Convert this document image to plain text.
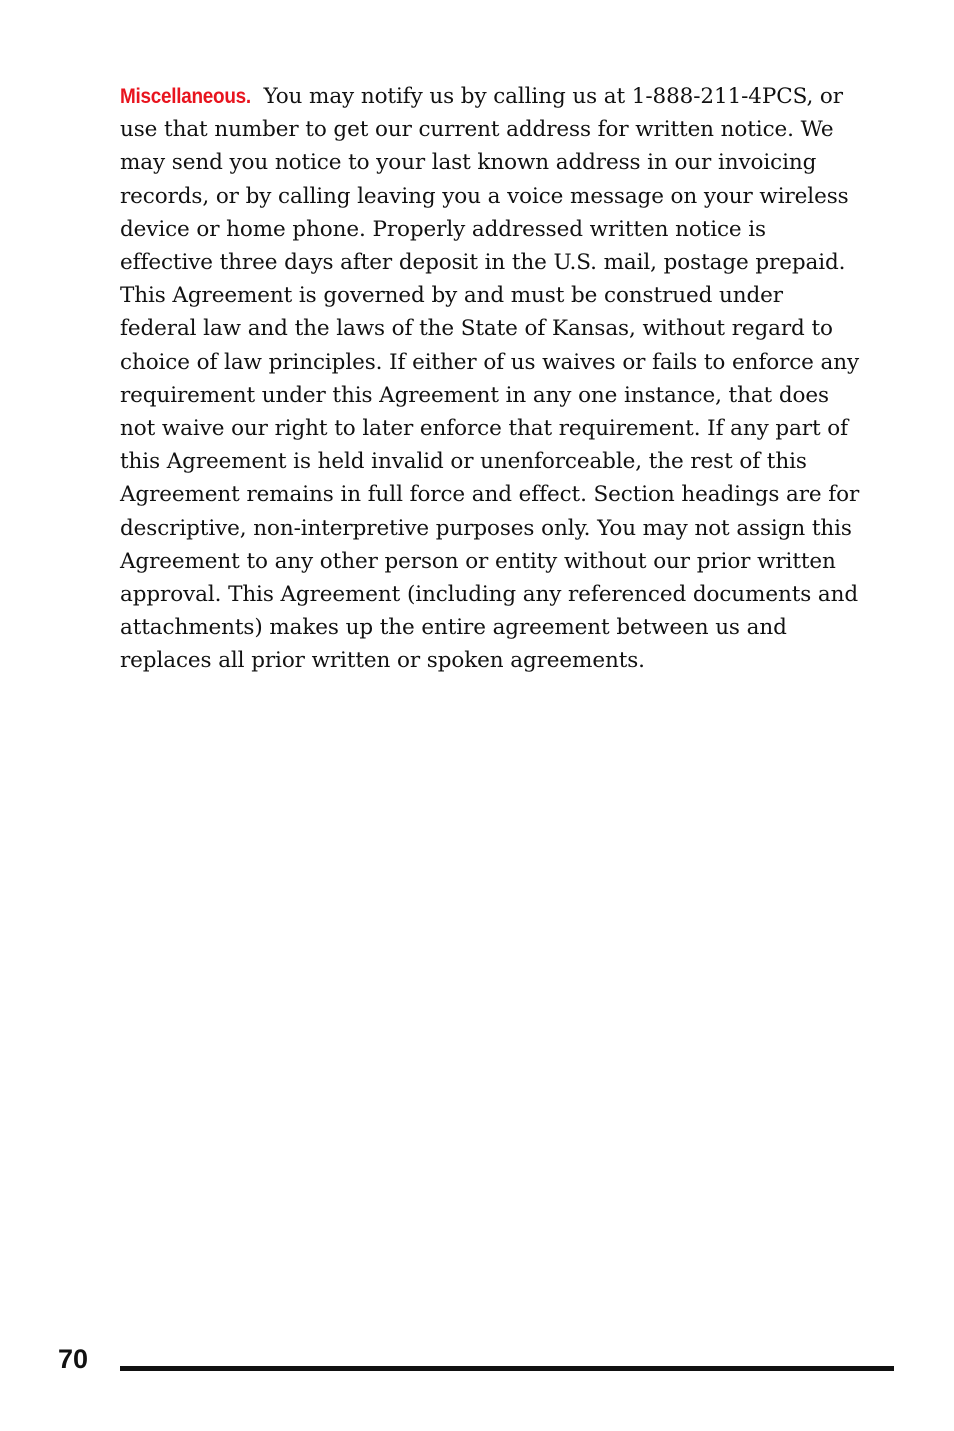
Miscellaneous. You may notify us by calling us at 1-888-211-4PCS, or use that number to get our current address for written notice. We may send you notice to your last known address in our invoicing records, or by calling leaving you a voice message on your wireless device or home phone. Properly addressed written notice is effective three days after deposit in the U.S. mail, postage prepaid. This Agreement is governed by and must be construed under federal law and the laws of the State of Kansas, without regard to choice of law principles. If either of us waives or fails to enforce any requirement under this Agreement in any one instance, that does not waive our right to later enforce that requirement. If any part of this Agreement is held invalid or unenforceable, the rest of this Agreement remains in full force and effect. Section headings are for descriptive, non-interpretive purposes only. You may not assign this Agreement to any other person or entity without our prior written approval. This Agreement (including any referenced documents and attachments) makes up the entire agreement between us and replaces all prior written or spoken agreements.

70
